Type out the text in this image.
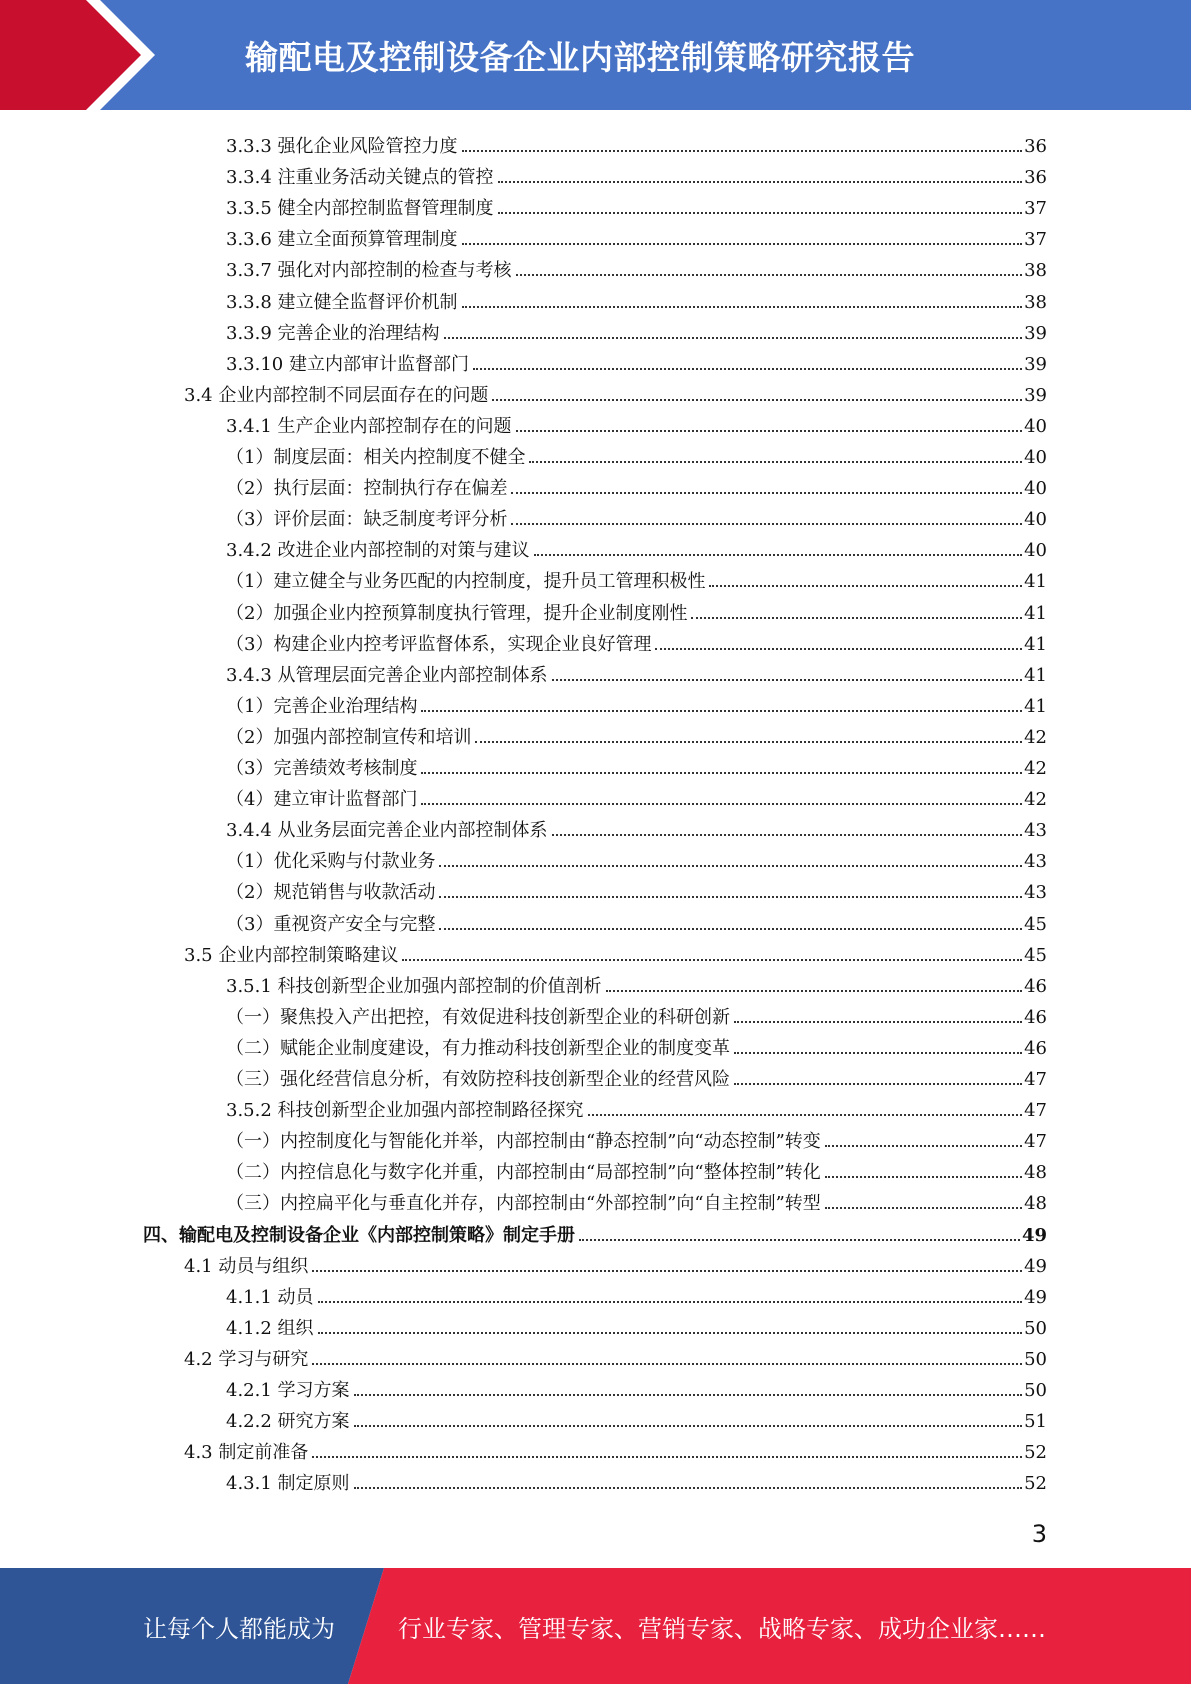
输配电及控制设备企业内部控制策略研究报告
3.3.3 强化企业风险管控力度	36
3.3.4 注重业务活动关键点的管控	36
3.3.5 健全内部控制监督管理制度	37
3.3.6 建立全面预算管理制度	37
3.3.7 强化对内部控制的检查与考核	38
3.3.8 建立健全监督评价机制	38
3.3.9 完善企业的治理结构	39
3.3.10 建立内部审计监督部门	39
3.4 企业内部控制不同层面存在的问题	39
3.4.1 生产企业内部控制存在的问题	40
（1）制度层面：相关内控制度不健全	40
（2）执行层面：控制执行存在偏差	40
（3）评价层面：缺乏制度考评分析	40
3.4.2 改进企业内部控制的对策与建议	40
（1）建立健全与业务匹配的内控制度，提升员工管理积极性	41
（2）加强企业内控预算制度执行管理，提升企业制度刚性	41
（3）构建企业内控考评监督体系，实现企业良好管理	41
3.4.3 从管理层面完善企业内部控制体系	41
（1）完善企业治理结构	41
（2）加强内部控制宣传和培训	42
（3）完善绩效考核制度	42
（4）建立审计监督部门	42
3.4.4 从业务层面完善企业内部控制体系	43
（1）优化采购与付款业务	43
（2）规范销售与收款活动	43
（3）重视资产安全与完整	45
3.5 企业内部控制策略建议	45
3.5.1 科技创新型企业加强内部控制的价值剖析	46
（一）聚焦投入产出把控，有效促进科技创新型企业的科研创新	46
（二）赋能企业制度建设，有力推动科技创新型企业的制度变革	46
（三）强化经营信息分析，有效防控科技创新型企业的经营风险	47
3.5.2 科技创新型企业加强内部控制路径探究	47
（一）内控制度化与智能化并举，内部控制由“静态控制”向“动态控制”转变	47
（二）内控信息化与数字化并重，内部控制由“局部控制”向“整体控制”转化	48
（三）内控扁平化与垂直化并存，内部控制由“外部控制”向“自主控制”转型	48
四、输配电及控制设备企业《内部控制策略》制定手册	49
4.1 动员与组织	49
4.1.1 动员	49
4.1.2 组织	50
4.2 学习与研究	50
4.2.1 学习方案	50
4.2.2 研究方案	51
4.3 制定前准备	52
4.3.1 制定原则	52
3
让每个人都能成为	行业专家、管理专家、营销专家、战略专家、成功企业家……
